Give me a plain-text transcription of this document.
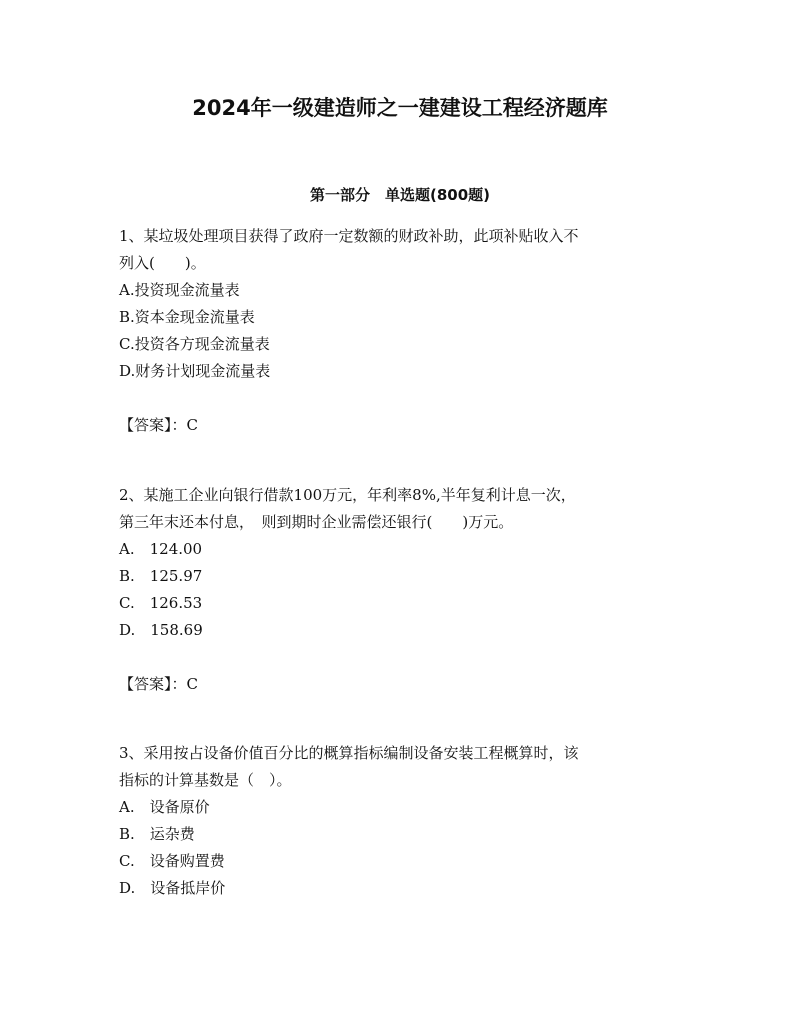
2024年一级建造师之一建建设工程经济题库
第一部分　单选题(800题)
1、某垃圾处理项目获得了政府一定数额的财政补助，此项补贴收入不
列入(　　)。
A.投资现金流量表
B.资本金现金流量表
C.投资各方现金流量表
D.财务计划现金流量表
【答案】：C
2、某施工企业向银行借款100万元，年利率8%,半年复利计息一次，
第三年末还本付息，　则到期时企业需偿还银行(　　)万元。
A.　124.00
B.　125.97
C.　126.53
D.　158.69
【答案】：C
3、采用按占设备价值百分比的概算指标编制设备安装工程概算时，该
指标的计算基数是（　）。
A.　设备原价
B.　运杂费
C.　设备购置费
D.　设备抵岸价
